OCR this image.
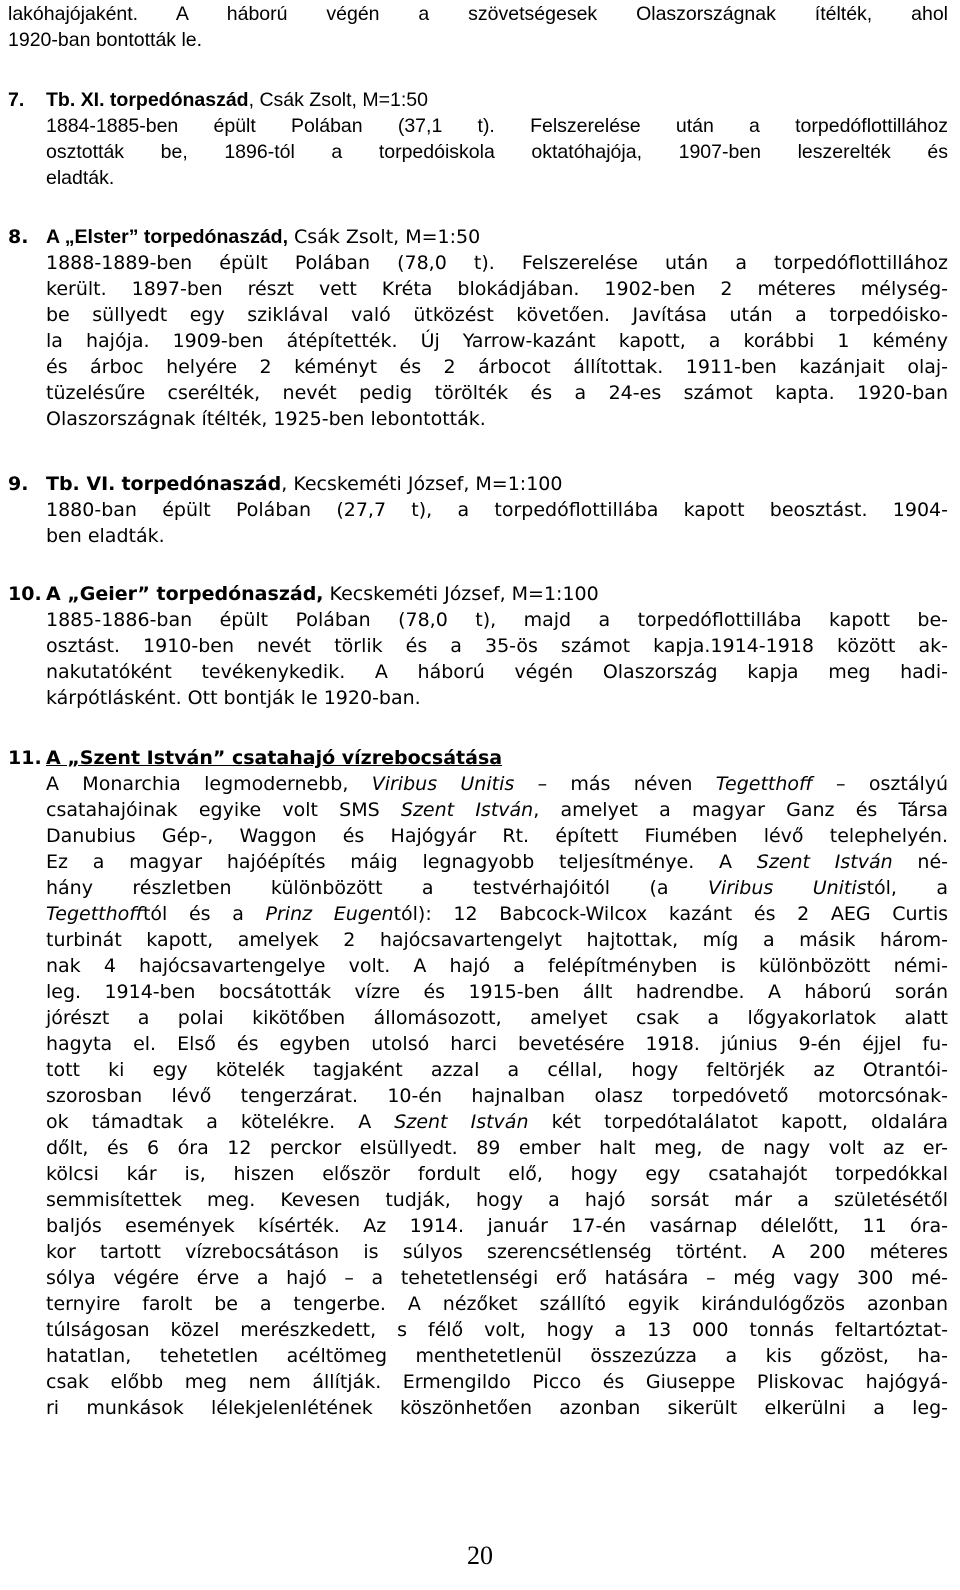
lakóhajójaként. A háború végén a szövetségesek Olaszországnak ítélték, ahol
1920-ban bontották le.
7. Tb. XI. torpedónaszád, Csák Zsolt, M=1:50
1884-1885-ben épült Polában (37,1 t). Felszerelése után a torpedóflottillához
osztották be, 1896-tól a torpedóiskola oktatóhajója, 1907-ben leszerelték és
eladták.
8. A „Elster” torpedónaszád, Csák Zsolt, M=1:50
1888-1889-ben épült Polában (78,0 t). Felszerelése után a torpedóflottillához
került. 1897-ben részt vett Kréta blokádjában. 1902-ben 2 méteres mélység-
be süllyedt egy sziklával való ütközést követően. Javítása után a torpedóisko-
la hajója. 1909-ben átépítették. Új Yarrow-kazánt kapott, a korábbi 1 kémény
és árboc helyére 2 kéményt és 2 árbocot állítottak. 1911-ben kazánjait olaj-
tüzelésűre cserélték, nevét pedig törölték és a 24-es számot kapta. 1920-ban
Olaszországnak ítélték, 1925-ben lebontották.
9. Tb. VI. torpedónaszád, Kecskeméti József, M=1:100
1880-ban épült Polában (27,7 t), a torpedóflottillába kapott beosztást. 1904-
ben eladták.
10. A „Geier” torpedónaszád, Kecskeméti József, M=1:100
1885-1886-ban épült Polában (78,0 t), majd a torpedóflottillába kapott be-
osztást. 1910-ben nevét törlik és a 35-ös számot kapja.1914-1918 között ak-
nakutatóként tevékenykedik. A háború végén Olaszország kapja meg hadi-
kárpótlásként. Ott bontják le 1920-ban.
11. A „Szent István” csatahajó vízrebocsátása
A Monarchia legmodernebb, Viribus Unitis – más néven Tegetthoff – osztályú
csatahajóinak egyike volt SMS Szent István, amelyet a magyar Ganz és Társa
Danubius Gép-, Waggon és Hajógyár Rt. épített Fiumében lévő telephelyén.
Ez a magyar hajóépítés máig legnagyobb teljesítménye. A Szent István né-
hány részletben különbözött a testvérhajóitól (a Viribus Unitistól, a
Tegetthofftól és a Prinz Eugentól): 12 Babcock-Wilcox kazánt és 2 AEG Curtis
turbinát kapott, amelyek 2 hajócsavartengelyt hajtottak, míg a másik három-
nak 4 hajócsavartengelye volt. A hajó a felépítményben is különbözött némi-
leg. 1914-ben bocsátották vízre és 1915-ben állt hadrendbe. A háború során
jórészt a polai kikötőben állomásozott, amelyet csak a lőgyakorlatok alatt
hagyta el. Első és egyben utolsó harci bevetésére 1918. június 9-én éjjel fu-
tott ki egy kötelék tagjaként azzal a céllal, hogy feltörjék az Otrantói-
szorosban lévő tengerzárat. 10-én hajnalban olasz torpedóvető motorcsónak-
ok támadtak a kötelékre. A Szent István két torpedótalálatot kapott, oldalára
dőlt, és 6 óra 12 perckor elsüllyedt. 89 ember halt meg, de nagy volt az er-
kölcsi kár is, hiszen először fordult elő, hogy egy csatahajót torpedókkal
semmisítettek meg. Kevesen tudják, hogy a hajó sorsát már a születésétől
baljós események kísérték. Az 1914. január 17-én vasárnap délelőtt, 11 óra-
kor tartott vízrebocsátáson is súlyos szerencsétlenség történt. A 200 méteres
sólya végére érve a hajó – a tehetetlenségi erő hatására – még vagy 300 mé-
ternyire farolt be a tengerbe. A nézőket szállító egyik kirándulógőzös azonban
túlságosan közel merészkedett, s félő volt, hogy a 13 000 tonnás feltartóztat-
hatatlan, tehetetlen acéltömeg menthetetlenül összezúzza a kis gőzöst, ha-
csak előbb meg nem állítják. Ermengildo Picco és Giuseppe Pliskovac hajógyá-
ri munkások lélekjelenlétének köszönhetően azonban sikerült elkerülni a leg-
20
